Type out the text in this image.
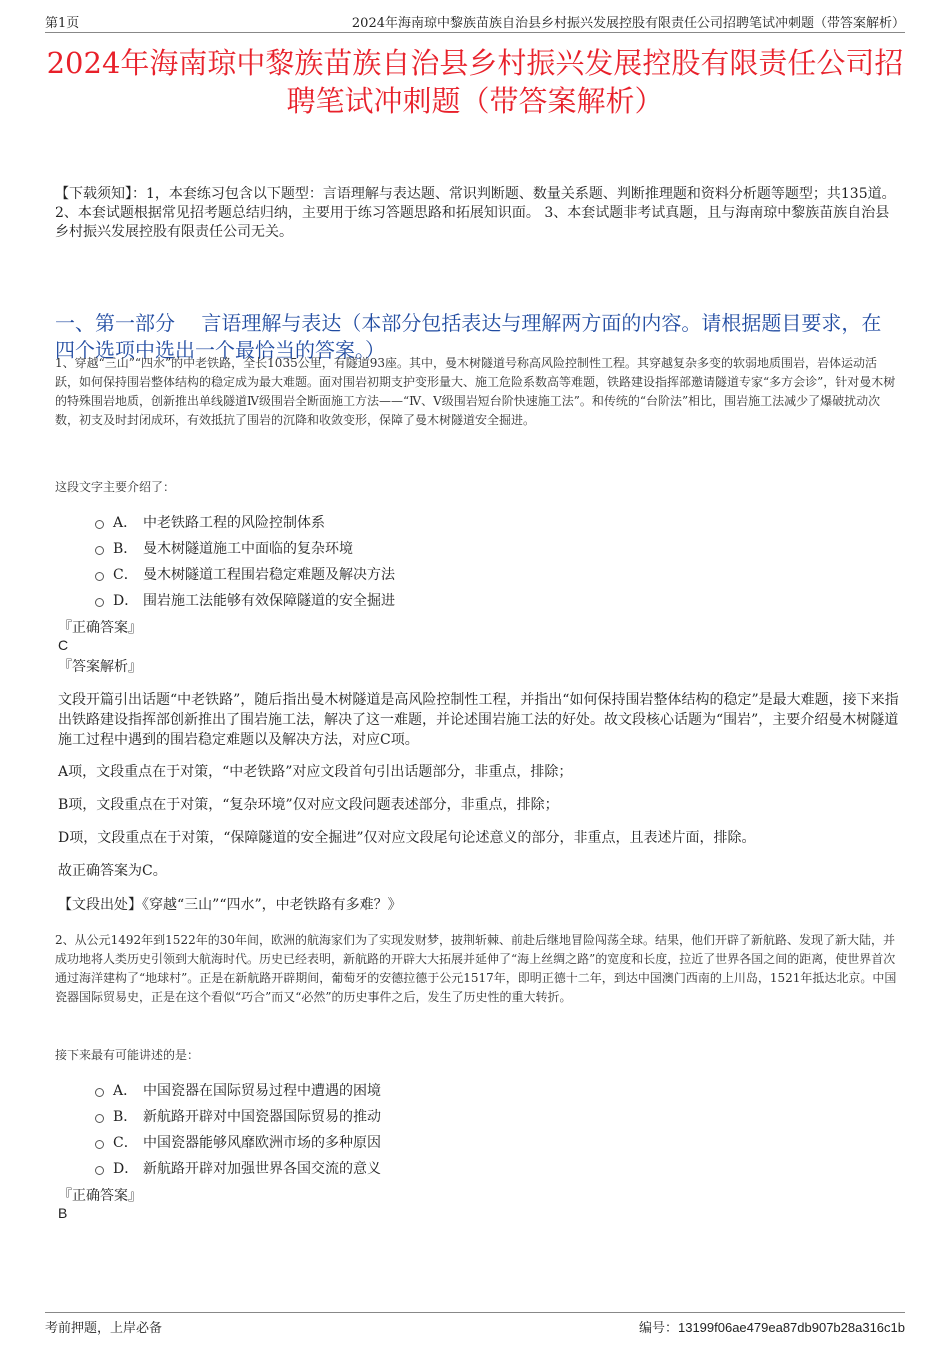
第1页	2024年海南琼中黎族苗族自治县乡村振兴发展控股有限责任公司招聘笔试冲刺题（带答案解析）
2024年海南琼中黎族苗族自治县乡村振兴发展控股有限责任公司招聘笔试冲刺题（带答案解析）
【下载须知】：1，本套练习包含以下题型：言语理解与表达题、常识判断题、数量关系题、判断推理题和资料分析题等题型；共135道。 2、本套试题根据常见招考题总结归纳，主要用于练习答题思路和拓展知识面。 3、本套试题非考试真题，且与海南琼中黎族苗族自治县乡村振兴发展控股有限责任公司无关。
一、第一部分　 言语理解与表达（本部分包括表达与理解两方面的内容。请根据题目要求，在四个选项中选出一个最恰当的答案。）
1、穿越“三山”“四水”的中老铁路，全长1035公里，有隧道93座。其中，曼木树隧道号称高风险控制性工程。其穿越复杂多变的软弱地质围岩，岩体运动活跃，如何保持围岩整体结构的稳定成为最大难题。面对围岩初期支护变形量大、施工危险系数高等难题，铁路建设指挥部邀请隧道专家“多方会诊”，针对曼木树的特殊围岩地质，创新推出单线隧道Ⅳ级围岩全断面施工方法——“Ⅳ、Ⅴ级围岩短台阶快速施工法”。和传统的“台阶法”相比，围岩施工法减少了爆破扰动次数，初支及时封闭成环，有效抵抗了围岩的沉降和收敛变形，保障了曼木树隧道安全掘进。
这段文字主要介绍了：
A． 中老铁路工程的风险控制体系
B． 曼木树隧道施工中面临的复杂环境
C． 曼木树隧道工程围岩稳定难题及解决方法
D． 围岩施工法能够有效保障隧道的安全掘进
『正确答案』
C
『答案解析』
文段开篇引出话题“中老铁路”，随后指出曼木树隧道是高风险控制性工程，并指出“如何保持围岩整体结构的稳定”是最大难题，接下来指出铁路建设指挥部创新推出了围岩施工法，解决了这一难题，并论述围岩施工法的好处。故文段核心话题为“围岩”，主要介绍曼木树隧道施工过程中遇到的围岩稳定难题以及解决方法，对应C项。
A项，文段重点在于对策，“中老铁路”对应文段首句引出话题部分，非重点，排除；
B项，文段重点在于对策，“复杂环境”仅对应文段问题表述部分，非重点，排除；
D项，文段重点在于对策，“保障隧道的安全掘进”仅对应文段尾句论述意义的部分，非重点，且表述片面，排除。
故正确答案为C。
【文段出处】《穿越“三山”“四水”，中老铁路有多难？》
2、从公元1492年到1522年的30年间，欧洲的航海家们为了实现发财梦，披荆斩棘、前赴后继地冒险闯荡全球。结果，他们开辟了新航路、发现了新大陆，并成功地将人类历史引领到大航海时代。历史已经表明，新航路的开辟大大拓展并延伸了“海上丝绸之路”的宽度和长度，拉近了世界各国之间的距离，使世界首次通过海洋建构了“地球村”。正是在新航路开辟期间，葡萄牙的安德拉德于公元1517年，即明正德十二年，到达中国澳门西南的上川岛，1521年抵达北京。中国瓷器国际贸易史，正是在这个看似“巧合”而又“必然”的历史事件之后，发生了历史性的重大转折。
接下来最有可能讲述的是：
A． 中国瓷器在国际贸易过程中遭遇的困境
B． 新航路开辟对中国瓷器国际贸易的推动
C． 中国瓷器能够风靡欧洲市场的多种原因
D． 新航路开辟对加强世界各国交流的意义
『正确答案』
B
考前押题，上岸必备	编号：13199f06ae479ea87db907b28a316c1b
